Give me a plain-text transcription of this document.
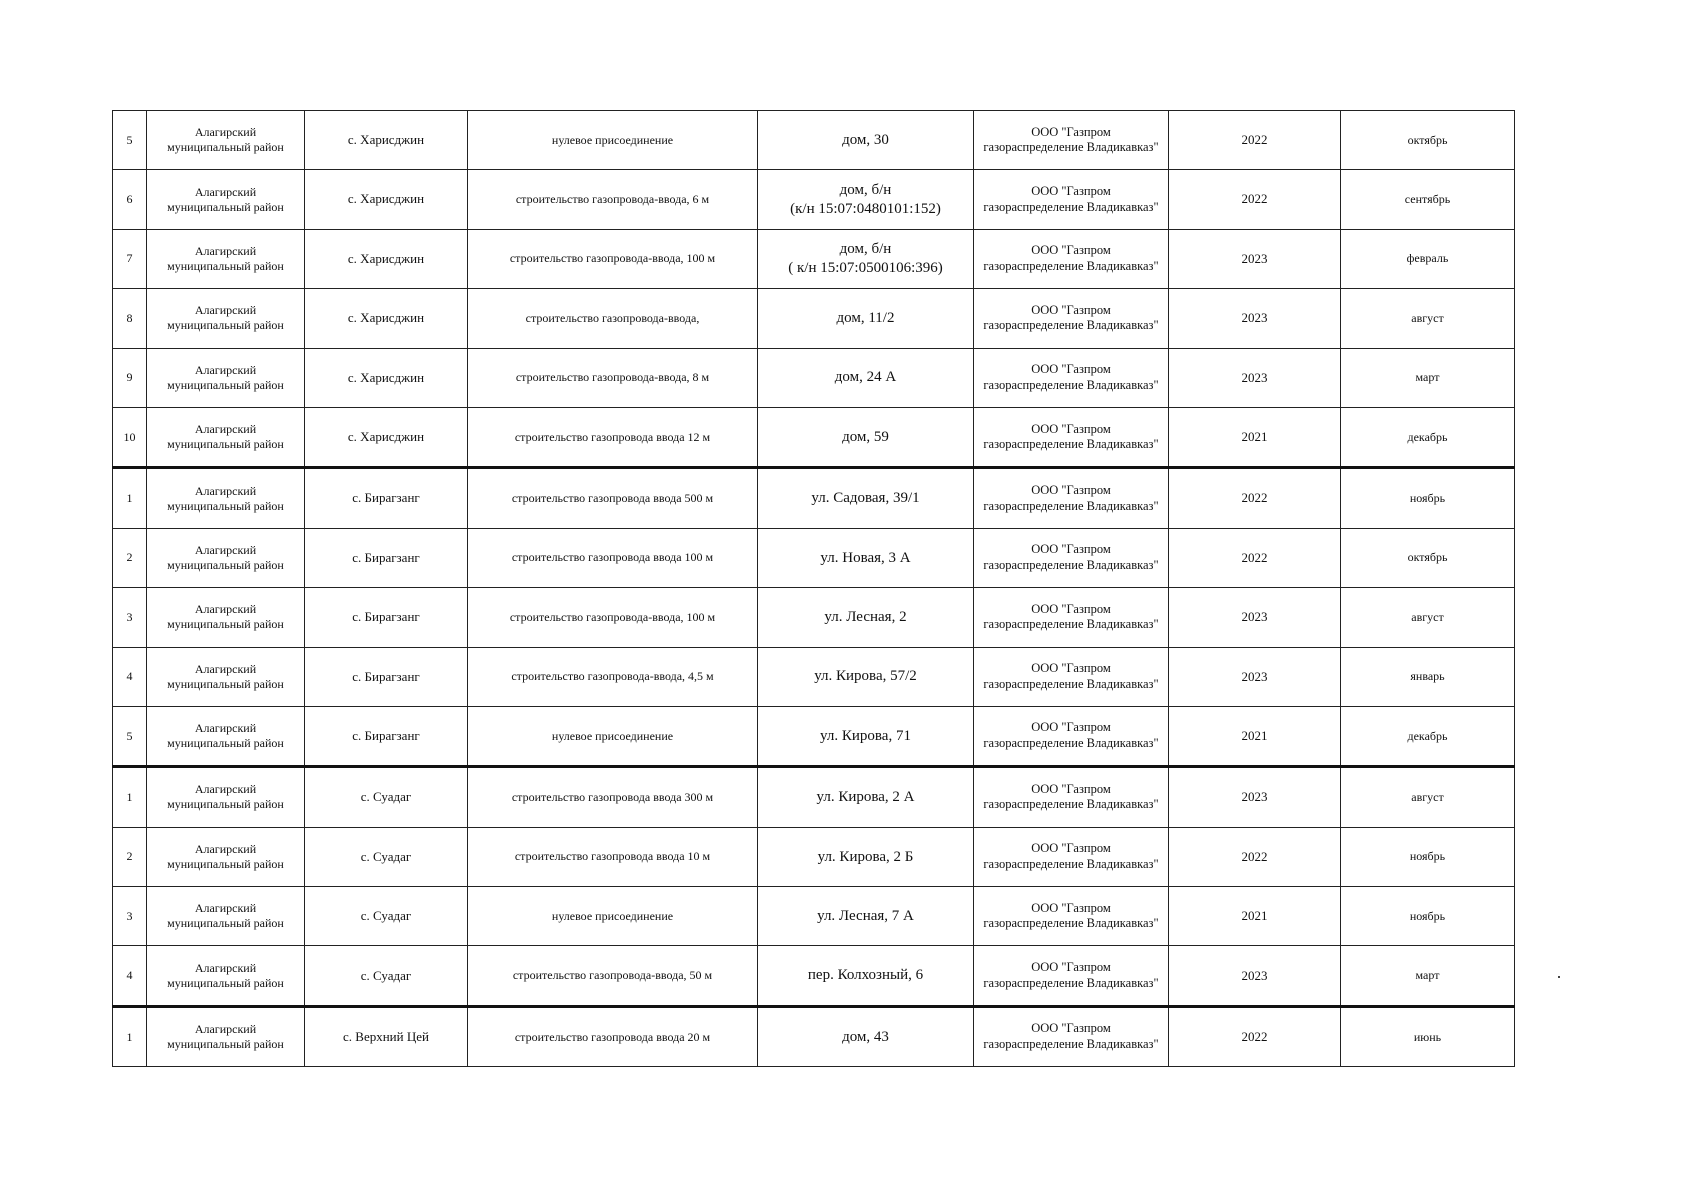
5	Алагирский
муниципальный район	с. Харисджин	нулевое присоединение	дом, 30	ООО "Газпром
газораспределение Владикавказ"	2022	октябрь
6	Алагирский
муниципальный район	с. Харисджин	строительство газопровода-ввода, 6 м	дом, б/н
(к/н 15:07:0480101:152)	ООО "Газпром
газораспределение Владикавказ"	2022	сентябрь
7	Алагирский
муниципальный район	с. Харисджин	строительство газопровода-ввода, 100 м	дом, б/н
( к/н 15:07:0500106:396)	ООО "Газпром
газораспределение Владикавказ"	2023	февраль
8	Алагирский
муниципальный район	с. Харисджин	строительство газопровода-ввода,	дом, 11/2	ООО "Газпром
газораспределение Владикавказ"	2023	август
9	Алагирский
муниципальный район	с. Харисджин	строительство газопровода-ввода, 8 м	дом, 24 А	ООО "Газпром
газораспределение Владикавказ"	2023	март
10	Алагирский
муниципальный район	с. Харисджин	строительство газопровода ввода 12 м	дом, 59	ООО "Газпром
газораспределение Владикавказ"	2021	декабрь
1	Алагирский
муниципальный район	с. Бирагзанг	строительство газопровода ввода 500 м	ул. Садовая, 39/1	ООО "Газпром
газораспределение Владикавказ"	2022	ноябрь
2	Алагирский
муниципальный район	с. Бирагзанг	строительство газопровода ввода 100 м	ул. Новая, 3 А	ООО "Газпром
газораспределение Владикавказ"	2022	октябрь
3	Алагирский
муниципальный район	с. Бирагзанг	строительство газопровода-ввода, 100 м	ул. Лесная, 2	ООО "Газпром
газораспределение Владикавказ"	2023	август
4	Алагирский
муниципальный район	с. Бирагзанг	строительство газопровода-ввода, 4,5 м	ул. Кирова, 57/2	ООО "Газпром
газораспределение Владикавказ"	2023	январь
5	Алагирский
муниципальный район	с. Бирагзанг	нулевое присоединение	ул. Кирова, 71	ООО "Газпром
газораспределение Владикавказ"	2021	декабрь
1	Алагирский
муниципальный район	с. Суадаг	строительство газопровода ввода 300 м	ул. Кирова, 2 А	ООО "Газпром
газораспределение Владикавказ"	2023	август
2	Алагирский
муниципальный район	с. Суадаг	строительство газопровода ввода 10 м	ул. Кирова, 2 Б	ООО "Газпром
газораспределение Владикавказ"	2022	ноябрь
3	Алагирский
муниципальный район	с. Суадаг	нулевое присоединение	ул. Лесная, 7 А	ООО "Газпром
газораспределение Владикавказ"	2021	ноябрь
4	Алагирский
муниципальный район	с. Суадаг	строительство газопровода-ввода, 50 м	пер. Колхозный, 6	ООО "Газпром
газораспределение Владикавказ"	2023	март
1	Алагирский
муниципальный район	с. Верхний Цей	строительство газопровода ввода 20 м	дом, 43	ООО "Газпром
газораспределение Владикавказ"	2022	июнь
